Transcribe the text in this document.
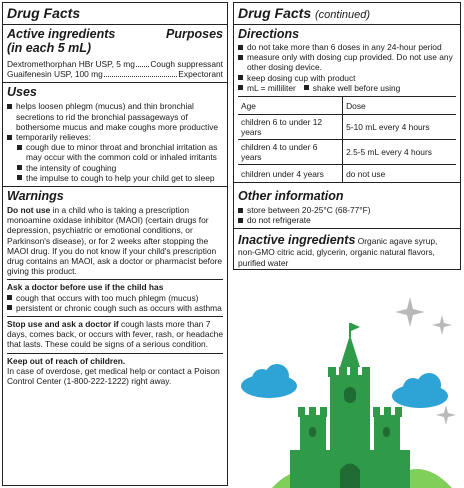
Drug Facts
Active ingredients
(in each 5 mL)
Purposes
Dextromethorphan HBr USP, 5 mg Cough suppressant
Guaifenesin USP, 100 mg	Expectorant
Uses
helps loosen phlegm (mucus) and thin bronchial secretions to rid the bronchial passageways of bothersome mucus and make coughs more productive
temporarily relieves:
cough due to minor throat and bronchial irritation as may occur with the common cold or inhaled irritants
the intensity of coughing
the impulse to cough to help your child get to sleep
Warnings
Do not use in a child who is taking a prescription monoamine oxidase inhibitor (MAOI) (certain drugs for depression, psychiatric or emotional conditions, or Parkinson's disease), or for 2 weeks after stopping the MAOI drug. If you do not know if your child's prescription drug contains an MAOI, ask a doctor or pharmacist before giving this product.
Ask a doctor before use if the child has
cough that occurs with too much phlegm (mucus)
persistent or chronic cough such as occurs with asthma
Stop use and ask a doctor if cough lasts more than 7 days, comes back, or occurs with fever, rash, or headache that lasts. These could be signs of a serious condition.
Keep out of reach of children.
In case of overdose, get medical help or contact a Poison Control Center (1-800-222-1222) right away.
Drug Facts (continued)
Directions
do not take more than 6 doses in any 24-hour period
measure only with dosing cup provided. Do not use any other dosing device.
keep dosing cup with product
mL = milliliter shake well before using
Age	Dose
children 6 to under 12 years	5-10 mL every 4 hours
children 4 to under 6 years	2.5-5 mL every 4 hours
children under 4 years	do not use
Other information
store between 20-25°C (68-77°F)do not refrigerate
Inactive ingredients Organic agave syrup, non-GMO citric acid, glycerin, organic natural flavors, purified water
